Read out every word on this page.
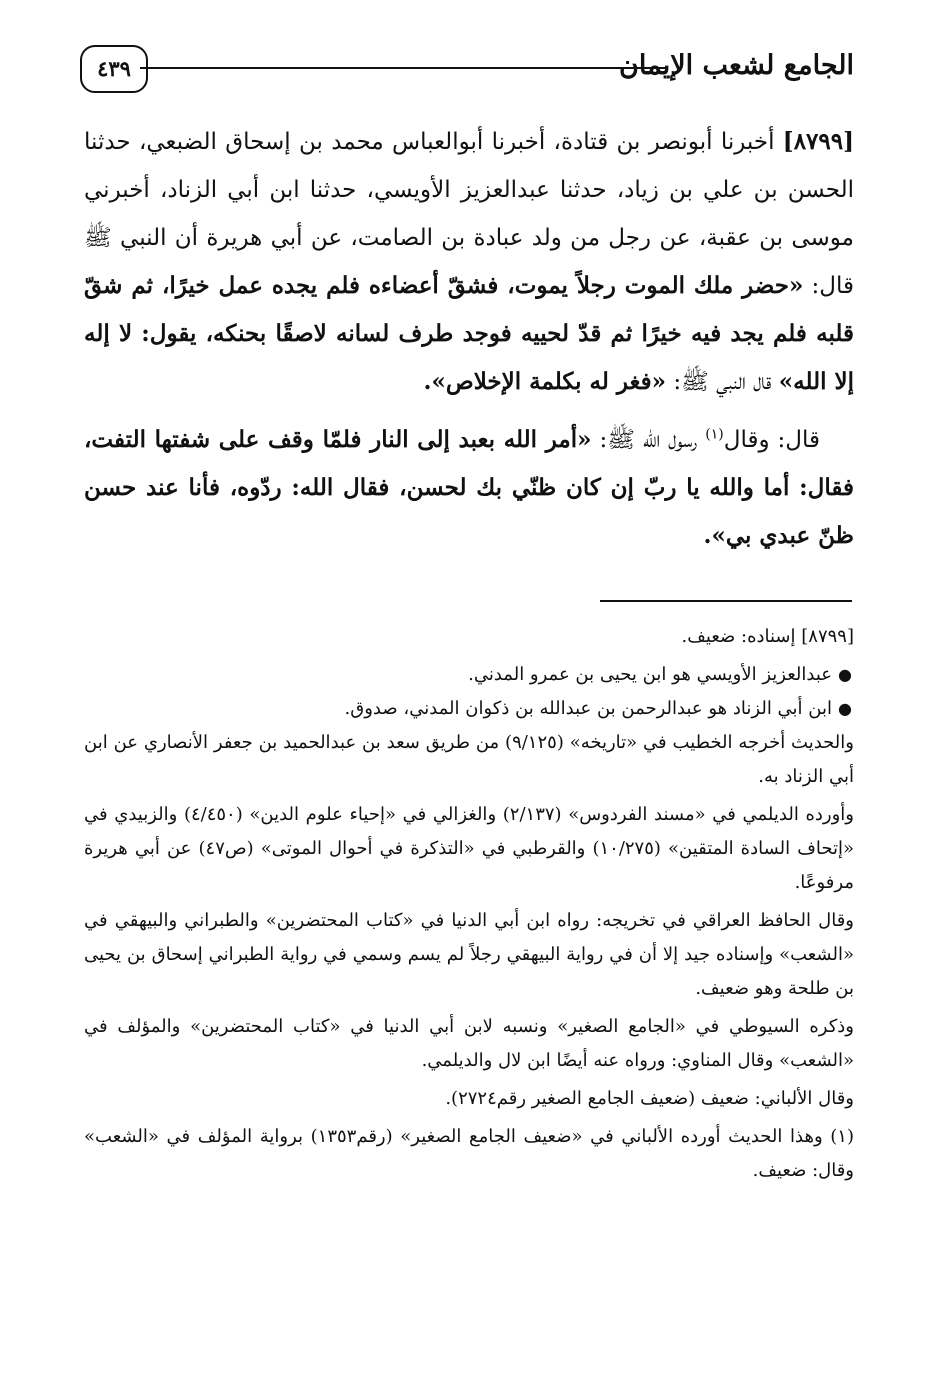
الجامع لشعب الإيمان
٤٣٩

[٨٧٩٩] أخبرنا أبونصر بن قتادة، أخبرنا أبوالعباس محمد بن إسحاق الضبعي، حدثنا الحسن بن علي بن زياد، حدثنا عبدالعزيز الأويسي، حدثنا ابن أبي الزناد، أخبرني موسى بن عقبة، عن رجل من ولد عبادة بن الصامت، عن أبي هريرة أن النبي ﷺ قال: «حضر ملك الموت رجلاً يموت، فشقّ أعضاءه فلم يجده عمل خيرًا، ثم شقّ قلبه فلم يجد فيه خيرًا ثم قدّ لحييه فوجد طرف لسانه لاصقًا بحنكه، يقول: لا إله إلا الله» قال النبي ﷺ: «فغر له بكلمة الإخلاص».

قال: وقال$^{(١)}$ رسول الله ﷺ: «أمر الله بعبد إلى النار فلمّا وقف على شفتها التفت، فقال: أما والله يا ربّ إن كان ظنّي بك لحسن، فقال الله: ردّوه، فأنا عند حسن ظنّ عبدي بي».

[٨٧٩٩] إسناده: ضعيف.

●
عبدالعزيز الأويسي هو ابن يحيى بن عمرو المدني.

●
ابن أبي الزناد هو عبدالرحمن بن عبدالله بن ذكوان المدني، صدوق.

والحديث أخرجه الخطيب في «تاريخه» (٩/١٢٥) من طريق سعد بن عبدالحميد بن جعفر الأنصاري عن ابن أبي الزناد به.

وأورده الديلمي في «مسند الفردوس» (٢/١٣٧) والغزالي في «إحياء علوم الدين» (٤/٤٥٠) والزبيدي في «إتحاف السادة المتقين» (١٠/٢٧٥) والقرطبي في «التذكرة في أحوال الموتى» (ص٤٧) عن أبي هريرة مرفوعًا.

وقال الحافظ العراقي في تخريجه: رواه ابن أبي الدنيا في «كتاب المحتضرين» والطبراني والبيهقي في «الشعب» وإسناده جيد إلا أن في رواية البيهقي رجلاً لم يسم وسمي في رواية الطبراني إسحاق بن يحيى بن طلحة وهو ضعيف.

وذكره السيوطي في «الجامع الصغير» ونسبه لابن أبي الدنيا في «كتاب المحتضرين» والمؤلف في «الشعب» وقال المناوي: ورواه عنه أيضًا ابن لال والديلمي.

وقال الألباني: ضعيف (ضعيف الجامع الصغير رقم٢٧٢٤).

(١) وهذا الحديث أورده الألباني في «ضعيف الجامع الصغير» (رقم١٣٥٣) برواية المؤلف في «الشعب» وقال: ضعيف.
